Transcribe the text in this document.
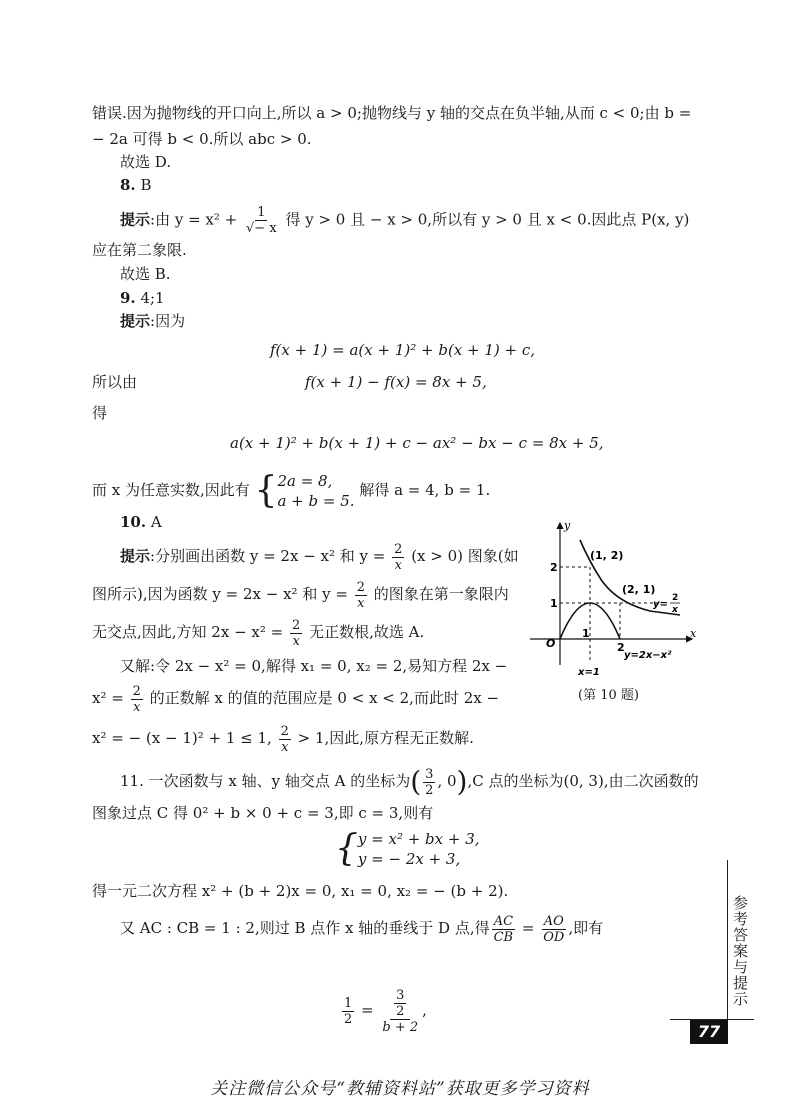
错误.因为抛物线的开口向上,所以 a > 0;抛物线与 y 轴的交点在负半轴,从而 c < 0;由 b =
− 2a 可得 b < 0.所以 abc > 0.
故选 D.
8. B
提示:由 $y = x^2 + \frac{1}{√- x}$ 得 y > 0 且 − x > 0,所以有 y > 0 且 x < 0.因此点 P(x, y)
应在第二象限.
故选 B.
9. 4;1
提示:因为
f(x + 1) = a(x + 1)² + b(x + 1) + c,
所以由	f(x + 1) − f(x) = 8x + 5,
得
a(x + 1)² + b(x + 1) + c − ax² − bx − c = 8x + 5,
而 x 为任意实数,因此有 { 2a = 8,
a + b = 5.
解得 a = 4, b = 1.
10. A
提示:分别画出函数 y = 2x − x² 和 $y = \frac{2}{x} (x > 0)$ 图象(如
图所示),因为函数 y = 2x − x² 和 $y = \frac{2}{x}$ 的图象在第一象限内
无交点,因此,方知 $2x - x^2 = \frac{2}{x}$ 无正数根,故选 A.
又解:令 2x − x² = 0,解得 x₁ = 0, x₂ = 2,易知方程 2x −
$x^2 = \frac{2}{x}$ 的正数解 x 的值的范围应是 0 < x < 2,而此时 2x −
x² = − (x − 1)² + 1 ≤ 1, $\frac{2}{x} > 1$,因此,原方程无正数解.
y
x
O
1
2
1
2
(1, 2)
(2, 1)
y=
2
x
y=2x−x²
x=1
(第 10 题)
11. 一次函数与 x 轴、y 轴交点 A 的坐标为( $\frac{3}{2}$ , 0),C 点的坐标为(0, 3),由二次函数的
图象过点 C 得 0² + b × 0 + c = 3,即 c = 3,则有
{ y = x² + bx + 3,
y = − 2x + 3,
得一元二次方程 x² + (b + 2)x = 0, x₁ = 0, x₂ = − (b + 2).
又 AC : CB = 1 : 2,则过 B 点作 x 轴的垂线于 D 点,得 $\frac{AC}{CB} = \frac{AO}{OD}$ ,即有
$\frac{1}{2} = \frac{\frac{3}{2}}{b + 2}$ ,
参考答案与提示
77
关注微信公众号“教辅资料站”获取更多学习资料
